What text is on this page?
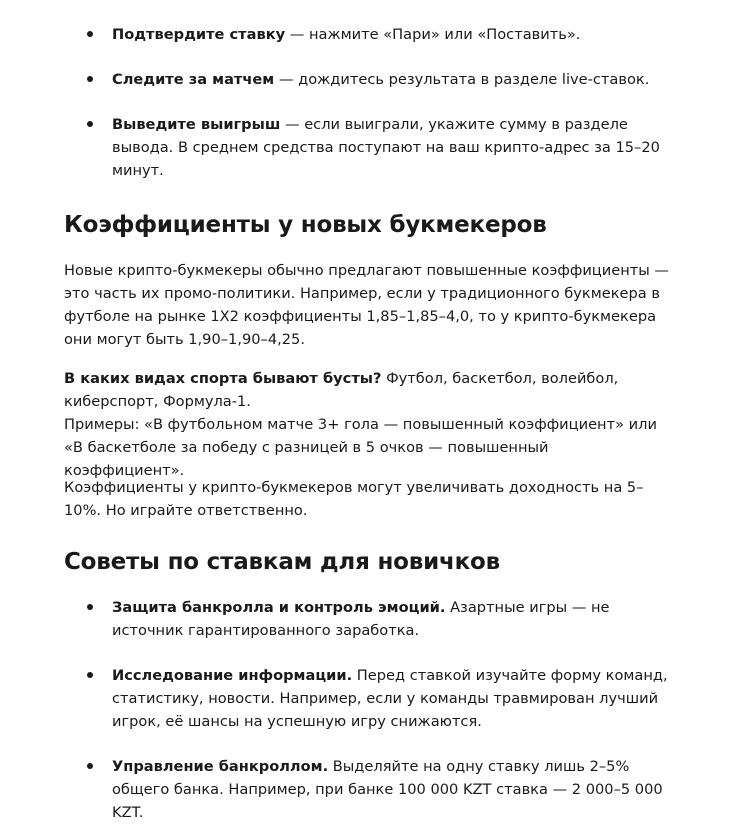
Подтвердите ставку — нажмите «Пари» или «Поставить».
Следите за матчем — дождитесь результата в разделе live-ставок.
Выведите выигрыш — если выиграли, укажите сумму в разделе вывода. В среднем средства поступают на ваш крипто-адрес за 15–20 минут.
Коэффициенты у новых букмекеров

Новые крипто-букмекеры обычно предлагают повышенные коэффициенты — это часть их промо-политики. Например, если у традиционного букмекера в футболе на рынке 1Х2 коэффициенты 1,85–1,85–4,0, то у крипто-букмекера они могут быть 1,90–1,90–4,25.

В каких видах спорта бывают бусты? Футбол, баскетбол, волейбол, киберспорт, Формула-1.
Примеры: «В футбольном матче 3+ гола — повышенный коэффициент» или «В баскетболе за победу с разницей в 5 очков — повышенный коэффициент».

Коэффициенты у крипто-букмекеров могут увеличивать доходность на 5–10%. Но играйте ответственно.

Советы по ставкам для новичков
Защита банкролла и контроль эмоций. Азартные игры — не источник гарантированного заработка.
Исследование информации. Перед ставкой изучайте форму команд, статистику, новости. Например, если у команды травмирован лучший игрок, её шансы на успешную игру снижаются.
Управление банкроллом. Выделяйте на одну ставку лишь 2–5% общего банка. Например, при банке 100 000 KZT ставка — 2 000–5 000 KZT.
